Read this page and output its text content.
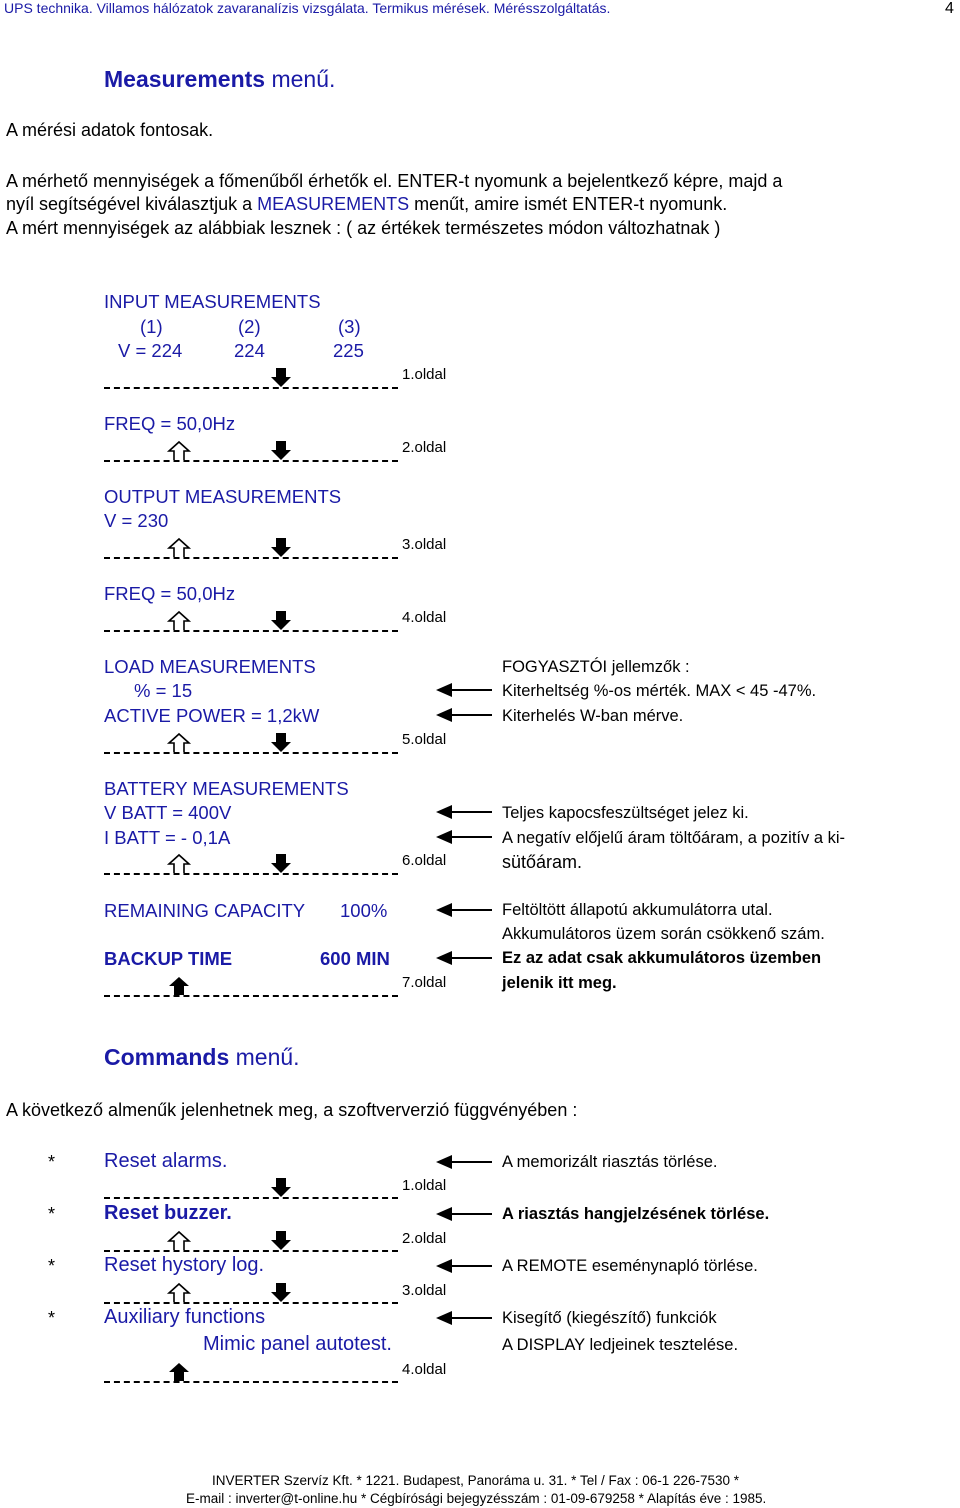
UPS technika. Villamos hálózatok zavaranalízis vizsgálata. Termikus mérések. Mérésszolgáltatás.	4
Measurements menű.
A mérési adatok fontosak.
A mérhető mennyiségek a főmenűből érhetők el. ENTER-t nyomunk a bejelentkező képre, majd a
nyíl segítségével kiválasztjuk a MEASUREMENTS menűt, amire ismét ENTER-t nyomunk.
A mért mennyiségek az alábbiak lesznek : ( az értékek természetes módon változhatnak )
INPUT MEASUREMENTS
(1)	(2)	(3)
V = 224	224	225
1.oldal
FREQ = 50,0Hz
2.oldal
OUTPUT MEASUREMENTS
V = 230
3.oldal
FREQ = 50,0Hz
4.oldal
LOAD MEASUREMENTS
% = 15
ACTIVE POWER = 1,2kW
5.oldal
FOGYASZTÓI jellemzők :
Kiterheltség %-os mérték. MAX < 45 -47%.
Kiterhelés W-ban mérve.
BATTERY MEASUREMENTS
V BATT = 400V
I BATT = - 0,1A
6.oldal
Teljes kapocsfeszültséget jelez ki.
A negatív előjelű áram töltőáram, a pozitív a ki-
sütőáram.
REMAINING CAPACITY 100%
BACKUP TIME	600 MIN
7.oldal
Feltöltött állapotú akkumulátorra utal.
Akkumulátoros üzem során csökkenő szám.
Ez az adat csak akkumulátoros üzemben
jelenik itt meg.
Commands menű.
A következő almenűk jelenhetnek meg, a szoftververzió függvényében :
* Reset alarms.
1.oldal
A memorizált riasztás törlése.
* Reset buzzer.
2.oldal
A riasztás hangjelzésének törlése.
* Reset hystory log.
3.oldal
A REMOTE eseménynapló törlése.
* Auxiliary functions
Mimic panel autotest.
4.oldal
Kisegítő (kiegészítő) funkciók
A DISPLAY ledjeinek tesztelése.
INVERTER Szervíz Kft. * 1221. Budapest, Panoráma u. 31. * Tel / Fax : 06-1 226-7530 *
E-mail : inverter@t-online.hu * Cégbírósági bejegyzésszám : 01-09-679258 * Alapítás éve : 1985.
